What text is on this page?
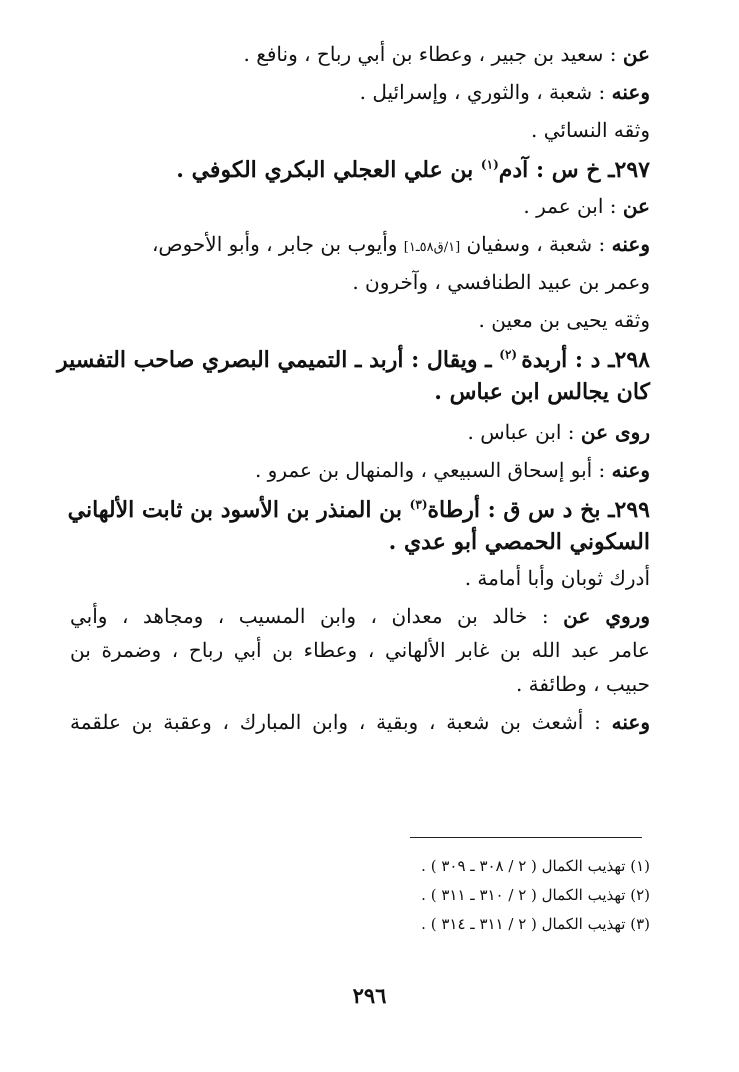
عن : سعيد بن جبير ، وعطاء بن أبي رباح ، ونافع .

وعنه : شعبة ، والثوري ، وإسرائيل .

وثقه النسائي .

٢٩٧ـ خ س : آدم$^{(١)}$ بن علي العجلي البكري الكوفي .

عن : ابن عمر .

وعنه : شعبة ، وسفيان [١/ق٥٨ـ١] وأيوب بن جابر ، وأبو الأحوص،

وعمر بن عبيد الطنافسي ، وآخرون .

وثقه يحيى بن معين .

٢٩٨ـ د : أربدة $^{(٢)}$ ـ ويقال : أربد ـ التميمي البصري صاحب التفسير

كان يجالس ابن عباس .

روى عن : ابن عباس .

وعنه : أبو إسحاق السبيعي ، والمنهال بن عمرو .

٢٩٩ـ بخ د س ق : أرطاة$^{(٣)}$ بن المنذر بن الأسود بن ثابت الألهاني

السكوني الحمصي أبو عدي .

أدرك ثوبان وأبا أمامة .

وروي عن : خالد بن معدان ، وابن المسيب ، ومجاهد ، وأبي

عامر عبد الله بن غابر الألهاني ، وعطاء بن أبي رباح ، وضمرة بن

حبيب ، وطائفة .

وعنه : أشعث بن شعبة ، وبقية ، وابن المبارك ، وعقبة بن علقمة

(١) تهذيب الكمال ( ٢ / ٣٠٨ ـ ٣٠٩ ) .
(٢) تهذيب الكمال ( ٢ / ٣١٠ ـ ٣١١ ) .
(٣) تهذيب الكمال ( ٢ / ٣١١ ـ ٣١٤ ) .
٢٩٦
